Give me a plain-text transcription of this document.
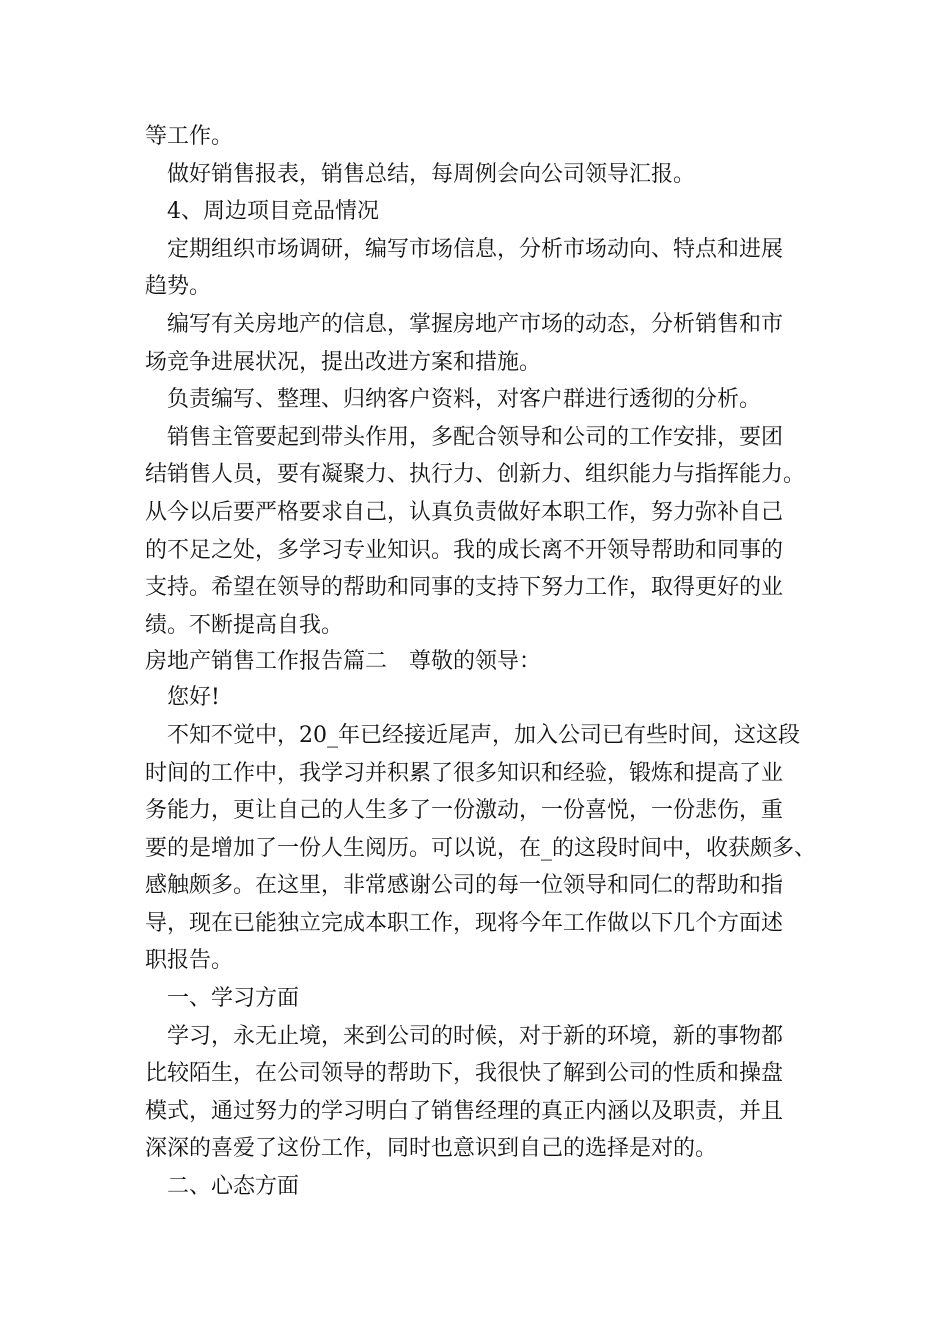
等工作。
　做好销售报表，销售总结，每周例会向公司领导汇报。
　4、周边项目竞品情况
　定期组织市场调研，编写市场信息，分析市场动向、特点和进展
趋势。
　编写有关房地产的信息，掌握房地产市场的动态，分析销售和市
场竞争进展状况，提出改进方案和措施。
　负责编写、整理、归纳客户资料，对客户群进行透彻的分析。
　销售主管要起到带头作用，多配合领导和公司的工作安排，要团
结销售人员，要有凝聚力、执行力、创新力、组织能力与指挥能力。
从今以后要严格要求自己，认真负责做好本职工作，努力弥补自己
的不足之处，多学习专业知识。我的成长离不开领导帮助和同事的
支持。希望在领导的帮助和同事的支持下努力工作，取得更好的业
绩。不断提高自我。
房地产销售工作报告篇二　尊敬的领导：
　您好!
　不知不觉中，20_年已经接近尾声，加入公司已有些时间，这这段
时间的工作中，我学习并积累了很多知识和经验，锻炼和提高了业
务能力，更让自己的人生多了一份激动，一份喜悦，一份悲伤，重
要的是增加了一份人生阅历。可以说，在_的这段时间中，收获颇多、
感触颇多。在这里，非常感谢公司的每一位领导和同仁的帮助和指
导，现在已能独立完成本职工作，现将今年工作做以下几个方面述
职报告。
　一、学习方面
　学习，永无止境，来到公司的时候，对于新的环境，新的事物都
比较陌生，在公司领导的帮助下，我很快了解到公司的性质和操盘
模式，通过努力的学习明白了销售经理的真正内涵以及职责，并且
深深的喜爱了这份工作，同时也意识到自己的选择是对的。
　二、心态方面
